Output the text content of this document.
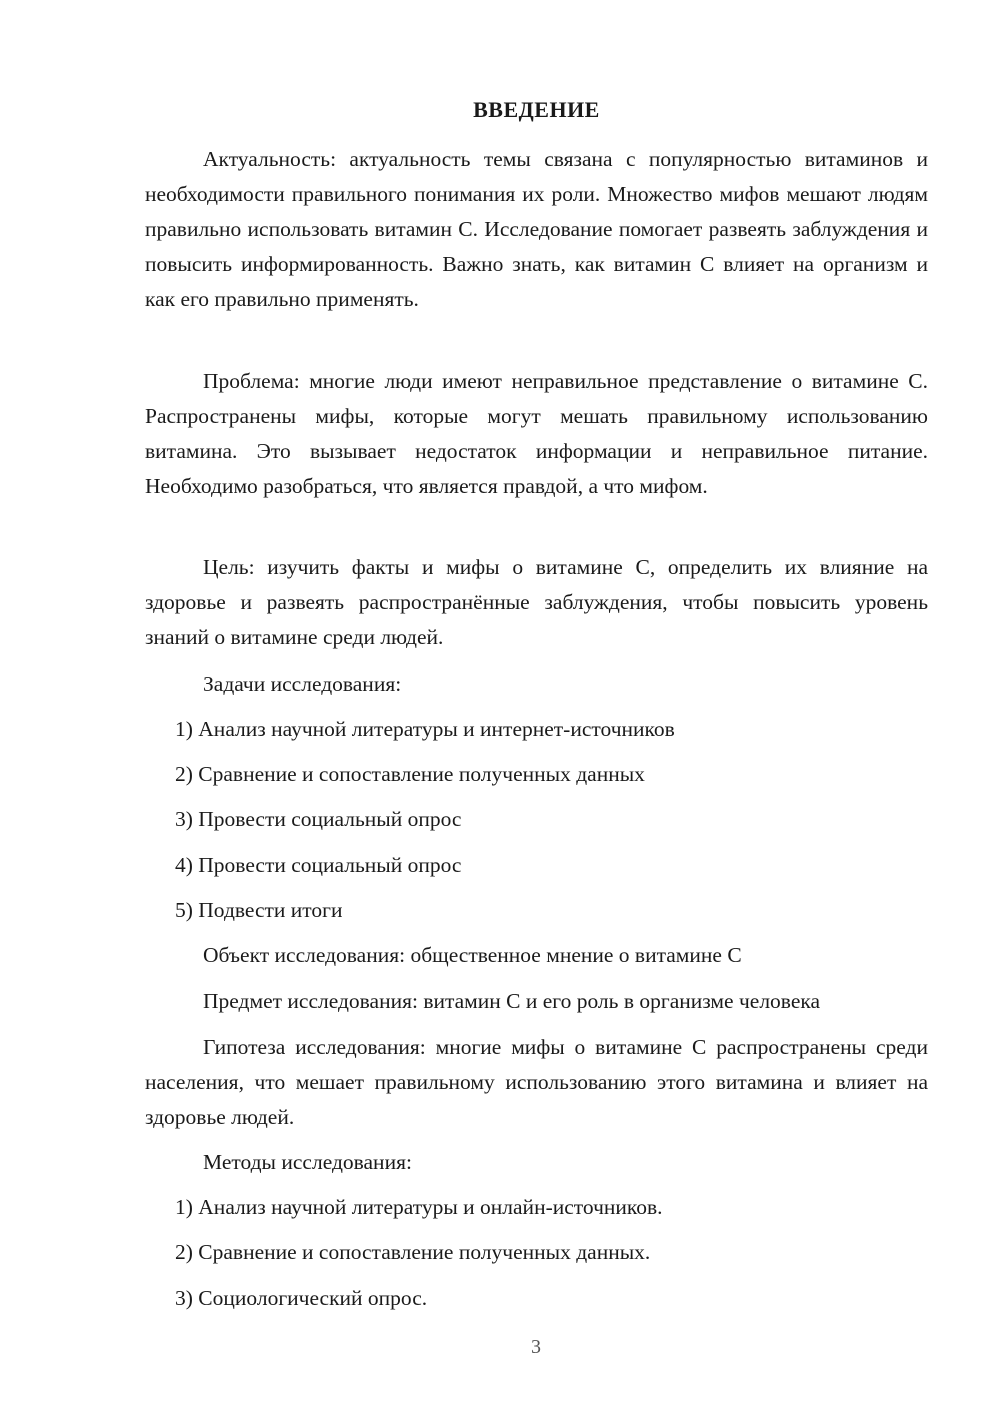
ВВЕДЕНИЕ

Актуальность: актуальность темы связана с популярностью витаминов и необходимости правильного понимания их роли. Множество мифов мешают людям правильно использовать витамин С. Исследование помогает развеять заблуждения и повысить информированность. Важно знать, как витамин С влияет на организм и как его правильно применять.

Проблема: многие люди имеют неправильное представление о витамине С. Распространены мифы, которые могут мешать правильному использованию витамина. Это вызывает недостаток информации и неправильное питание. Необходимо разобраться, что является правдой, а что мифом.

Цель: изучить факты и мифы о витамине С, определить их влияние на здоровье и развеять распространённые заблуждения, чтобы повысить уровень знаний о витамине среди людей.

Задачи исследования:
1) Анализ научной литературы и интернет-источников
2) Сравнение и сопоставление полученных данных
3) Провести социальный опрос
4) Провести социальный опрос
5) Подвести итоги
Объект исследования: общественное мнение о витамине С
Предмет исследования: витамин С и его роль в организме человека

Гипотеза исследования: многие мифы о витамине С распространены среди населения, что мешает правильному использованию этого витамина и влияет на здоровье людей.

Методы исследования:
1) Анализ научной литературы и онлайн-источников.
2) Сравнение и сопоставление полученных данных.
3) Социологический опрос.
3
